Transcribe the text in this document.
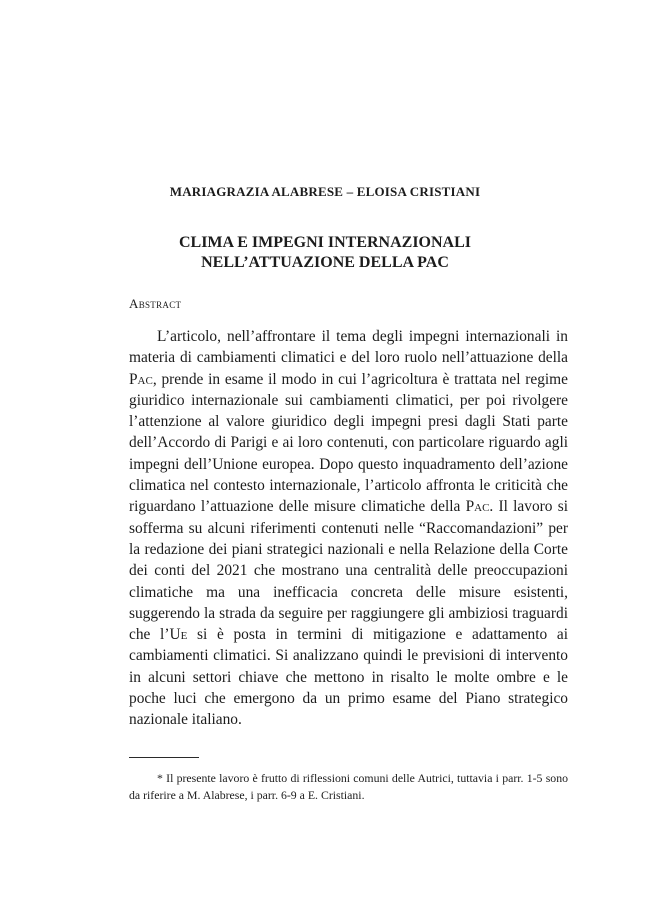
MARIAGRAZIA ALABRESE – ELOISA CRISTIANI
CLIMA E IMPEGNI INTERNAZIONALI
NELL’ATTUAZIONE DELLA PAC
Abstract

L’articolo, nell’affrontare il tema degli impegni internazionali in materia di cambiamenti climatici e del loro ruolo nell’attuazione della Pac, prende in esame il modo in cui l’agricoltura è trattata nel regime giuridico internazionale sui cambiamenti climatici, per poi rivolgere l’attenzione al valore giuridico degli impegni presi dagli Stati parte dell’Accordo di Parigi e ai loro contenuti, con particolare riguardo agli impegni dell’Unione europea. Dopo questo inquadramento dell’azione climatica nel contesto internazionale, l’articolo affronta le criticità che riguardano l’attuazione delle misure climatiche della Pac. Il lavoro si sofferma su alcuni riferimenti contenuti nelle “Raccomandazioni” per la redazione dei piani strategici nazionali e nella Relazione della Corte dei conti del 2021 che mostrano una centralità delle preoccupazioni climatiche ma una inefficacia concreta delle misure esistenti, suggerendo la strada da seguire per raggiungere gli ambiziosi traguardi che l’Ue si è posta in termini di mitigazione e adattamento ai cambiamenti climatici. Si analizzano quindi le previsioni di intervento in alcuni settori chiave che mettono in risalto le molte ombre e le poche luci che emergono da un primo esame del Piano strategico nazionale italiano.

* Il presente lavoro è frutto di riflessioni comuni delle Autrici, tuttavia i parr. 1-5 sono da riferire a M. Alabrese, i parr. 6-9 a E. Cristiani.
